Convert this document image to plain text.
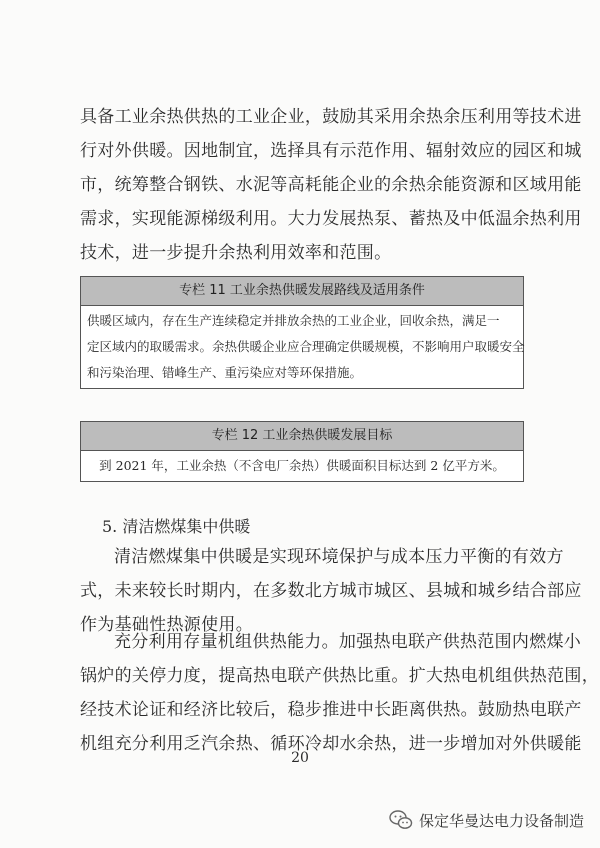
具备工业余热供热的工业企业，鼓励其采用余热余压利用等技术进
行对外供暖。因地制宜，选择具有示范作用、辐射效应的园区和城
市，统筹整合钢铁、水泥等高耗能企业的余热余能资源和区域用能
需求，实现能源梯级利用。大力发展热泵、蓄热及中低温余热利用
技术，进一步提升余热利用效率和范围。
专栏 11 工业余热供暖发展路线及适用条件
供暖区域内，存在生产连续稳定并排放余热的工业企业，回收余热，满足一
定区域内的取暖需求。余热供暖企业应合理确定供暖规模，不影响用户取暖安全
和污染治理、错峰生产、重污染应对等环保措施。
专栏 12 工业余热供暖发展目标
到 2021 年，工业余热（不含电厂余热）供暖面积目标达到 2 亿平方米。
5. 清洁燃煤集中供暖
清洁燃煤集中供暖是实现环境保护与成本压力平衡的有效方
式，未来较长时期内，在多数北方城市城区、县城和城乡结合部应
作为基础性热源使用。
充分利用存量机组供热能力。加强热电联产供热范围内燃煤小
锅炉的关停力度，提高热电联产供热比重。扩大热电机组供热范围，
经技术论证和经济比较后，稳步推进中长距离供热。鼓励热电联产
机组充分利用乏汽余热、循环冷却水余热，进一步增加对外供暖能
20
保定华曼达电力设备制造
